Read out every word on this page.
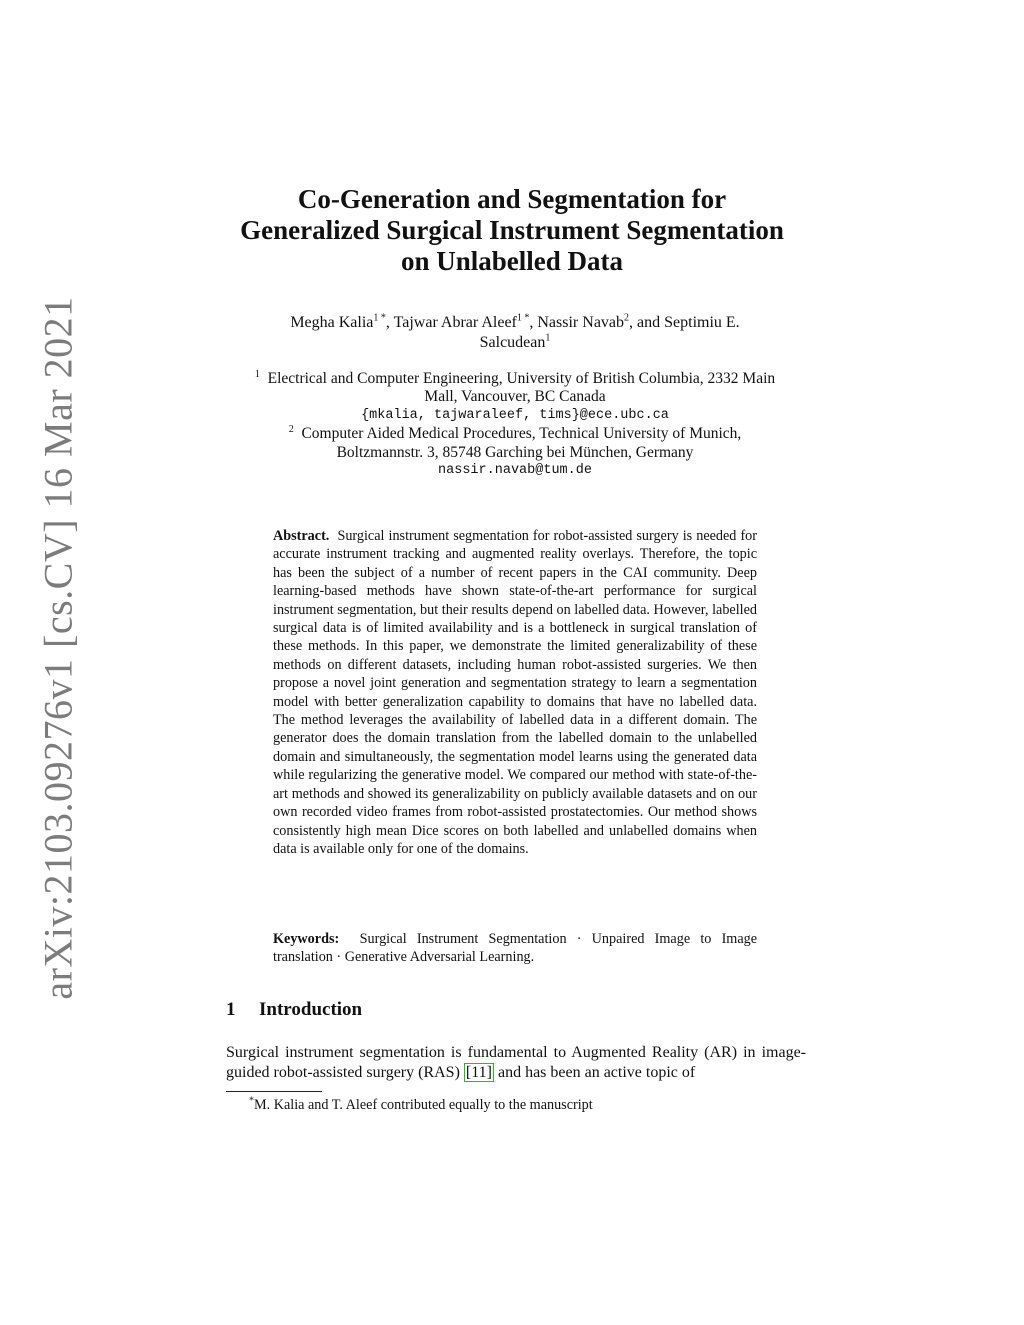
arXiv:2103.09276v1 [cs.CV] 16 Mar 2021
Co-Generation and Segmentation for
Generalized Surgical Instrument Segmentation
on Unlabelled Data
Megha Kalia$^{1 *}$, Tajwar Abrar Aleef$^{1 *}$, Nassir Navab$^2$, and Septimiu E.
Salcudean$^1$
$^1$ Electrical and Computer Engineering, University of British Columbia, 2332 Main
Mall, Vancouver, BC Canada
{mkalia, tajwaraleef, tims}@ece.ubc.ca
$^2$ Computer Aided Medical Procedures, Technical University of Munich,
Boltzmannstr. 3, 85748 Garching bei München, Germany
nassir.navab@tum.de
Abstract. Surgical instrument segmentation for robot-assisted surgery is needed for accurate instrument tracking and augmented reality overlays. Therefore, the topic has been the subject of a number of recent papers in the CAI community. Deep learning-based methods have shown state-of-the-art performance for surgical instrument segmentation, but their results depend on labelled data. However, labelled surgical data is of limited availability and is a bottleneck in surgical translation of these methods. In this paper, we demonstrate the limited generalizability of these methods on different datasets, including human robot-assisted surgeries. We then propose a novel joint generation and segmentation strategy to learn a segmentation model with better generalization capability to domains that have no labelled data. The method leverages the availability of labelled data in a different domain. The generator does the domain translation from the labelled domain to the unlabelled domain and simultaneously, the segmentation model learns using the generated data while regularizing the generative model. We compared our method with state-of-the-art methods and showed its generalizability on publicly available datasets and on our own recorded video frames from robot-assisted prostatectomies. Our method shows consistently high mean Dice scores on both labelled and unlabelled domains when data is available only for one of the domains.
Keywords: Surgical Instrument Segmentation · Unpaired Image to Image translation · Generative Adversarial Learning.
1 Introduction
Surgical instrument segmentation is fundamental to Augmented Reality (AR) in image-guided robot-assisted surgery (RAS) [11] and has been an active topic of
*M. Kalia and T. Aleef contributed equally to the manuscript
